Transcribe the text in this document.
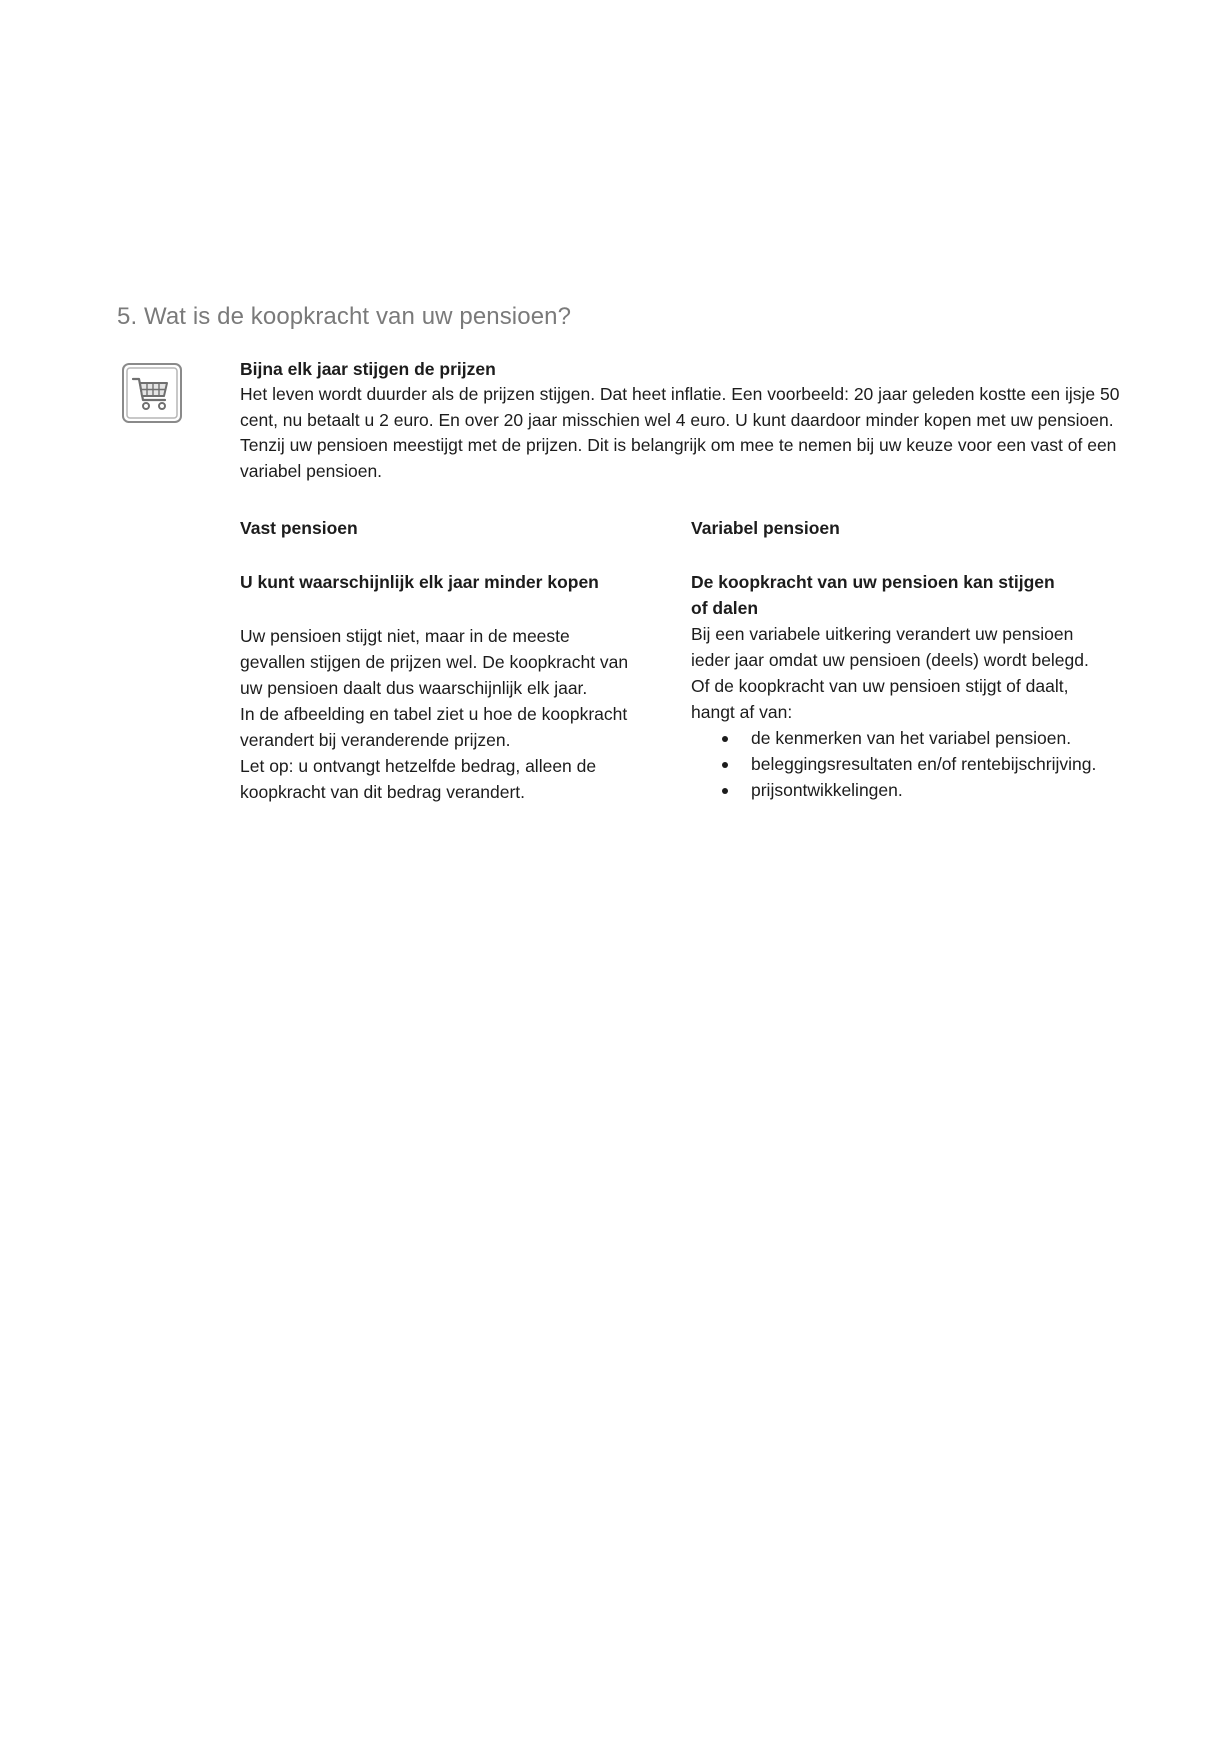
5. Wat is de koopkracht van uw pensioen?

Bijna elk jaar stijgen de prijzen

Het leven wordt duurder als de prijzen stijgen. Dat heet inflatie. Een voorbeeld: 20 jaar geleden kostte een ijsje 50 cent, nu betaalt u 2 euro. En over 20 jaar misschien wel 4 euro. U kunt daardoor minder kopen met uw pensioen. Tenzij uw pensioen meestijgt met de prijzen. Dit is belangrijk om mee te nemen bij uw keuze voor een vast of een variabel pensioen.

Vast pensioen

U kunt waarschijnlijk elk jaar minder kopen

Uw pensioen stijgt niet, maar in de meeste
gevallen stijgen de prijzen wel. De koopkracht van
uw pensioen daalt dus waarschijnlijk elk jaar.
In de afbeelding en tabel ziet u hoe de koopkracht
verandert bij veranderende prijzen.
Let op: u ontvangt hetzelfde bedrag, alleen de
koopkracht van dit bedrag verandert.

Variabel pensioen

De koopkracht van uw pensioen kan stijgen
of dalen
Bij een variabele uitkering verandert uw pensioen
ieder jaar omdat uw pensioen (deels) wordt belegd.
Of de koopkracht van uw pensioen stijgt of daalt,
hangt af van:
de kenmerken van het variabel pensioen.
beleggingsresultaten en/of rentebijschrijving.
prijsontwikkelingen.
